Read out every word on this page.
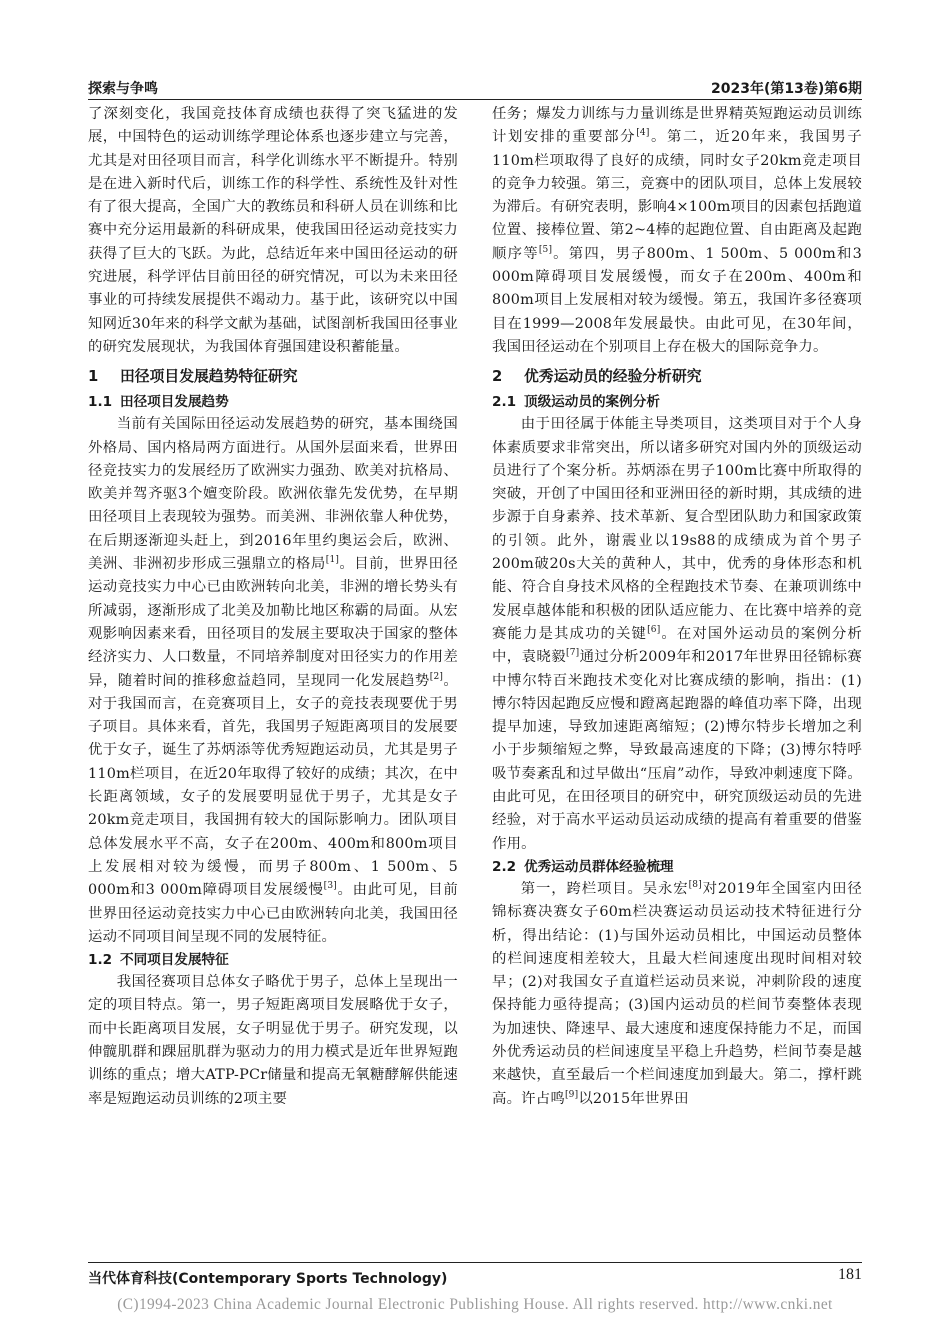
探索与争鸣	2023年(第13卷)第6期

了深刻变化，我国竞技体育成绩也获得了突飞猛进的发展，中国特色的运动训练学理论体系也逐步建立与完善，尤其是对田径项目而言，科学化训练水平不断提升。特别是在进入新时代后，训练工作的科学性、系统性及针对性有了很大提高，全国广大的教练员和科研人员在训练和比赛中充分运用最新的科研成果，使我国田径运动竞技实力获得了巨大的飞跃。为此，总结近年来中国田径运动的研究进展，科学评估目前田径的研究情况，可以为未来田径事业的可持续发展提供不竭动力。基于此，该研究以中国知网近30年来的科学文献为基础，试图剖析我国田径事业的研究发展现状，为我国体育强国建设积蓄能量。

1 田径项目发展趋势特征研究
1.1 田径项目发展趋势

当前有关国际田径运动发展趋势的研究，基本围绕国外格局、国内格局两方面进行。从国外层面来看，世界田径竞技实力的发展经历了欧洲实力强劲、欧美对抗格局、欧美并驾齐驱3个嬗变阶段。欧洲依靠先发优势，在早期田径项目上表现较为强势。而美洲、非洲依靠人种优势，在后期逐渐迎头赶上，到2016年里约奥运会后，欧洲、美洲、非洲初步形成三强鼎立的格局[1]。目前，世界田径运动竞技实力中心已由欧洲转向北美，非洲的增长势头有所减弱，逐渐形成了北美及加勒比地区称霸的局面。从宏观影响因素来看，田径项目的发展主要取决于国家的整体经济实力、人口数量，不同培养制度对田径实力的作用差异，随着时间的推移愈益趋同，呈现同一化发展趋势[2]。对于我国而言，在竞赛项目上，女子的竞技表现要优于男子项目。具体来看，首先，我国男子短距离项目的发展要优于女子，诞生了苏炳添等优秀短跑运动员，尤其是男子110m栏项目，在近20年取得了较好的成绩；其次，在中长距离领域，女子的发展要明显优于男子，尤其是女子20km竞走项目，我国拥有较大的国际影响力。团队项目总体发展水平不高，女子在200m、400m和800m项目上发展相对较为缓慢，而男子800m、1 500m、5 000m和3 000m障碍项目发展缓慢[3]。由此可见，目前世界田径运动竞技实力中心已由欧洲转向北美，我国田径运动不同项目间呈现不同的发展特征。

1.2 不同项目发展特征

我国径赛项目总体女子略优于男子，总体上呈现出一定的项目特点。第一，男子短距离项目发展略优于女子，而中长距离项目发展，女子明显优于男子。研究发现，以伸髋肌群和踝屈肌群为驱动力的用力模式是近年世界短跑训练的重点；增大ATP-PCr储量和提高无氧糖酵解供能速率是短跑运动员训练的2项主要

任务；爆发力训练与力量训练是世界精英短跑运动员训练计划安排的重要部分[4]。第二，近20年来，我国男子110m栏项取得了良好的成绩，同时女子20km竞走项目的竞争力较强。第三，竞赛中的团队项目，总体上发展较为滞后。有研究表明，影响4×100m项目的因素包括跑道位置、接棒位置、第2~4棒的起跑位置、自由距离及起跑顺序等[5]。第四，男子800m、1 500m、5 000m和3 000m障碍项目发展缓慢，而女子在200m、400m和800m项目上发展相对较为缓慢。第五，我国许多径赛项目在1999—2008年发展最快。由此可见，在30年间，我国田径运动在个别项目上存在极大的国际竞争力。

2 优秀运动员的经验分析研究
2.1 顶级运动员的案例分析

由于田径属于体能主导类项目，这类项目对于个人身体素质要求非常突出，所以诸多研究对国内外的顶级运动员进行了个案分析。苏炳添在男子100m比赛中所取得的突破，开创了中国田径和亚洲田径的新时期，其成绩的进步源于自身素养、技术革新、复合型团队助力和国家政策的引领。此外，谢震业以19s88的成绩成为首个男子200m破20s大关的黄种人，其中，优秀的身体形态和机能、符合自身技术风格的全程跑技术节奏、在兼项训练中发展卓越体能和积极的团队适应能力、在比赛中培养的竞赛能力是其成功的关键[6]。在对国外运动员的案例分析中，袁晓毅[7]通过分析2009年和2017年世界田径锦标赛中博尔特百米跑技术变化对比赛成绩的影响，指出：(1)博尔特因起跑反应慢和蹬离起跑器的峰值功率下降，出现提早加速，导致加速距离缩短；(2)博尔特步长增加之利小于步频缩短之弊，导致最高速度的下降；(3)博尔特呼吸节奏紊乱和过早做出“压肩”动作，导致冲刺速度下降。由此可见，在田径项目的研究中，研究顶级运动员的先进经验，对于高水平运动员运动成绩的提高有着重要的借鉴作用。

2.2 优秀运动员群体经验梳理

第一，跨栏项目。吴永宏[8]对2019年全国室内田径锦标赛决赛女子60m栏决赛运动员运动技术特征进行分析，得出结论：(1)与国外运动员相比，中国运动员整体的栏间速度相差较大，且最大栏间速度出现时间相对较早；(2)对我国女子直道栏运动员来说，冲刺阶段的速度保持能力亟待提高；(3)国内运动员的栏间节奏整体表现为加速快、降速早、最大速度和速度保持能力不足，而国外优秀运动员的栏间速度呈平稳上升趋势，栏间节奏是越来越快，直至最后一个栏间速度加到最大。第二，撑杆跳高。许占鸣[9]以2015年世界田

当代体育科技(Contemporary Sports Technology)	181
(C)1994-2023 China Academic Journal Electronic Publishing House. All rights reserved. http://www.cnki.net
